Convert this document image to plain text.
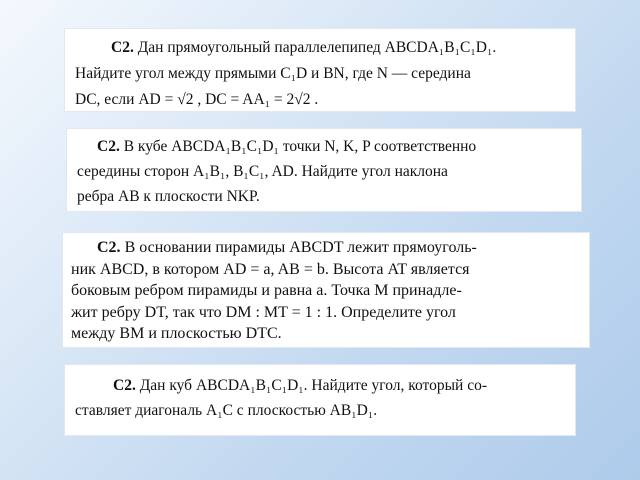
С2. Дан прямоугольный параллелепипед ABCDA₁B₁C₁D₁.
Найдите угол между прямыми C₁D и BN, где N — середина
DC, если AD = √2 , DC = AA₁ = 2√2 .
С2. В кубе ABCDA₁B₁C₁D₁ точки N, K, P соответственно
середины сторон A₁B₁, B₁C₁, AD. Найдите угол наклона
ребра AB к плоскости NKP.
С2. В основании пирамиды ABCDT лежит прямоуголь-
ник ABCD, в котором AD = a, AB = b. Высота AT является
боковым ребром пирамиды и равна a. Точка M принадле-
жит ребру DT, так что DM : MT = 1 : 1. Определите угол
между BM и плоскостью DTC.
С2. Дан куб ABCDA₁B₁C₁D₁. Найдите угол, который со-
ставляет диагональ A₁C с плоскостью AB₁D₁.
